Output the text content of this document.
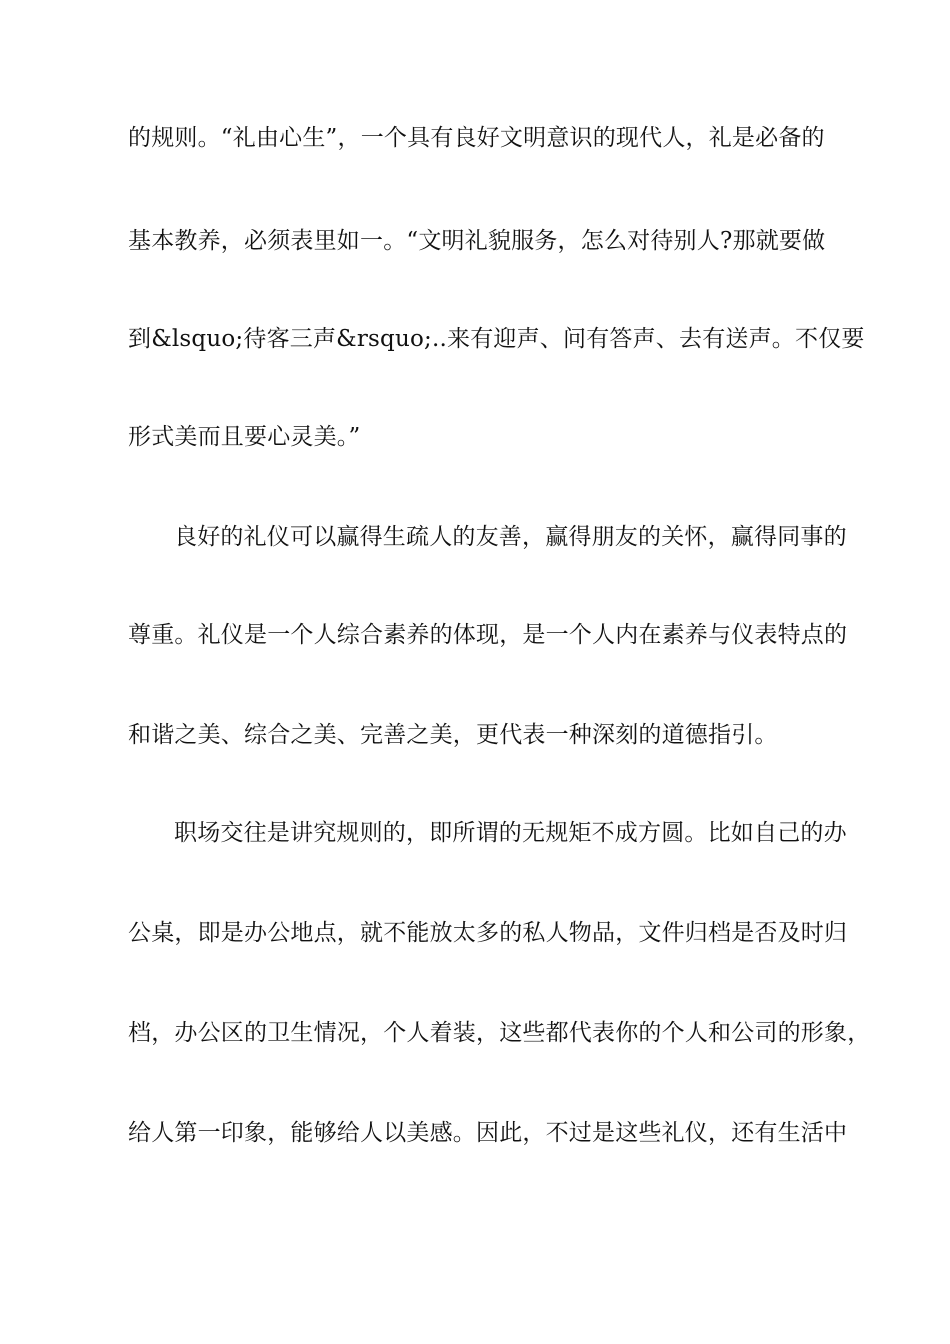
的规则。“礼由心生”，一个具有良好文明意识的现代人，礼是必备的
基本教养，必须表里如一。“文明礼貌服务，怎么对待别人?那就要做
到&lsquo;待客三声&rsquo;..来有迎声、问有答声、去有送声。不仅要
形式美而且要心灵美。”
良好的礼仪可以赢得生疏人的友善，赢得朋友的关怀，赢得同事的
尊重。礼仪是一个人综合素养的体现，是一个人内在素养与仪表特点的
和谐之美、综合之美、完善之美，更代表一种深刻的道德指引。
职场交往是讲究规则的，即所谓的无规矩不成方圆。比如自己的办
公桌，即是办公地点，就不能放太多的私人物品，文件归档是否及时归
档，办公区的卫生情况，个人着装，这些都代表你的个人和公司的形象，
给人第一印象，能够给人以美感。因此，不过是这些礼仪，还有生活中
